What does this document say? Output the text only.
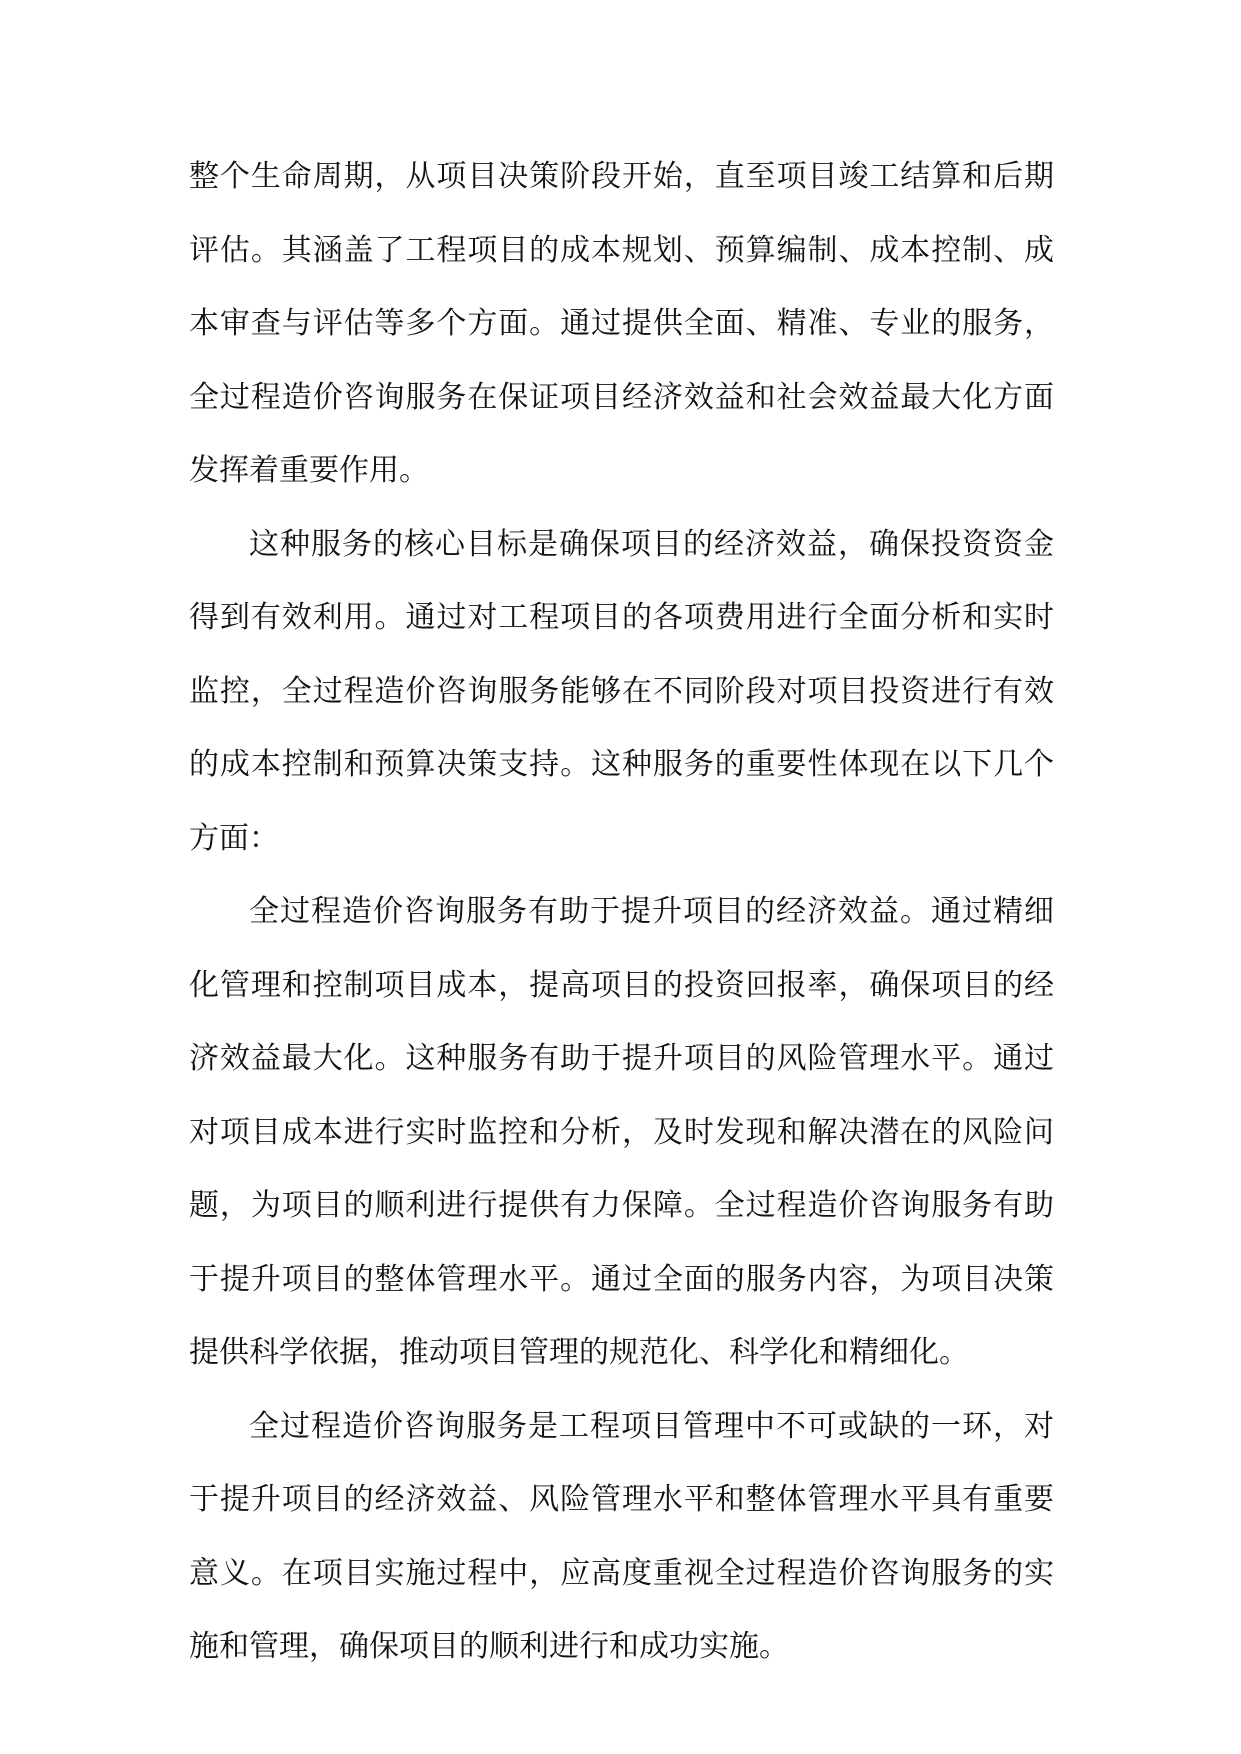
整个生命周期，从项目决策阶段开始，直至项目竣工结算和后期评估。其涵盖了工程项目的成本规划、预算编制、成本控制、成本审查与评估等多个方面。通过提供全面、精准、专业的服务，全过程造价咨询服务在保证项目经济效益和社会效益最大化方面发挥着重要作用。

这种服务的核心目标是确保项目的经济效益，确保投资资金得到有效利用。通过对工程项目的各项费用进行全面分析和实时监控，全过程造价咨询服务能够在不同阶段对项目投资进行有效的成本控制和预算决策支持。这种服务的重要性体现在以下几个方面：

全过程造价咨询服务有助于提升项目的经济效益。通过精细化管理和控制项目成本，提高项目的投资回报率，确保项目的经济效益最大化。这种服务有助于提升项目的风险管理水平。通过对项目成本进行实时监控和分析，及时发现和解决潜在的风险问题，为项目的顺利进行提供有力保障。全过程造价咨询服务有助于提升项目的整体管理水平。通过全面的服务内容，为项目决策提供科学依据，推动项目管理的规范化、科学化和精细化。

全过程造价咨询服务是工程项目管理中不可或缺的一环，对于提升项目的经济效益、风险管理水平和整体管理水平具有重要意义。在项目实施过程中，应高度重视全过程造价咨询服务的实施和管理，确保项目的顺利进行和成功实施。
